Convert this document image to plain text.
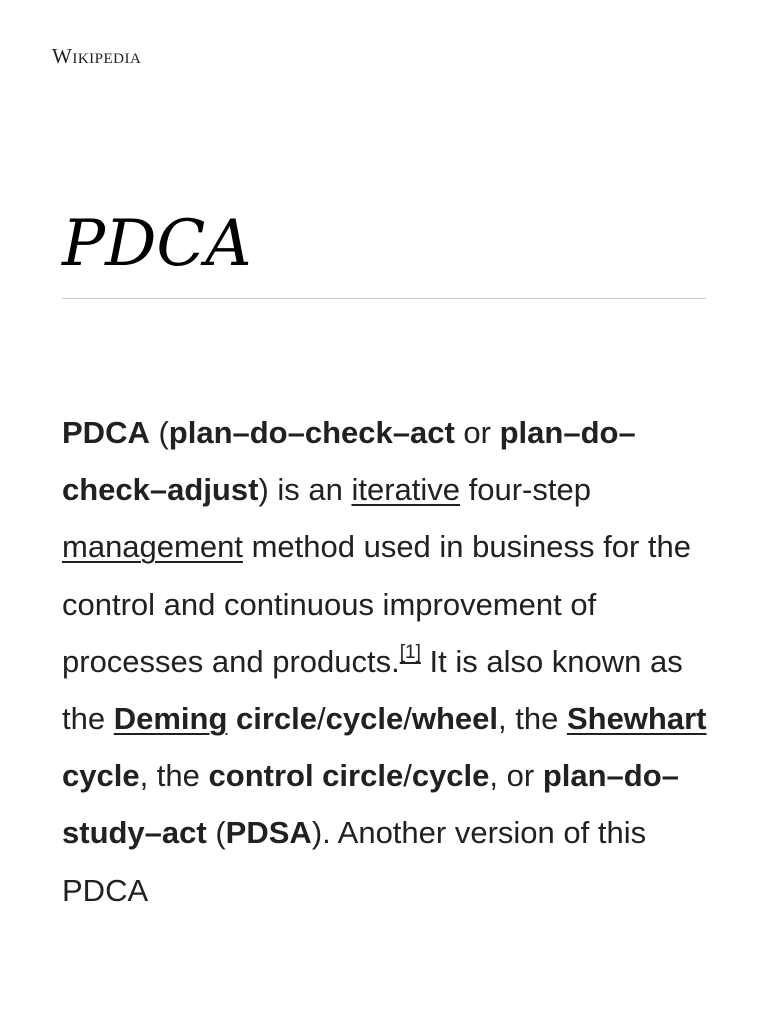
Wikipedia
PDCA

PDCA (plan–do–check–act or plan–do–check–adjust) is an iterative four-step management method used in business for the control and continuous improvement of processes and products.[1] It is also known as the Deming circle/cycle/wheel, the Shewhart cycle, the control circle/cycle, or plan–do–study–act (PDSA). Another version of this PDCA
